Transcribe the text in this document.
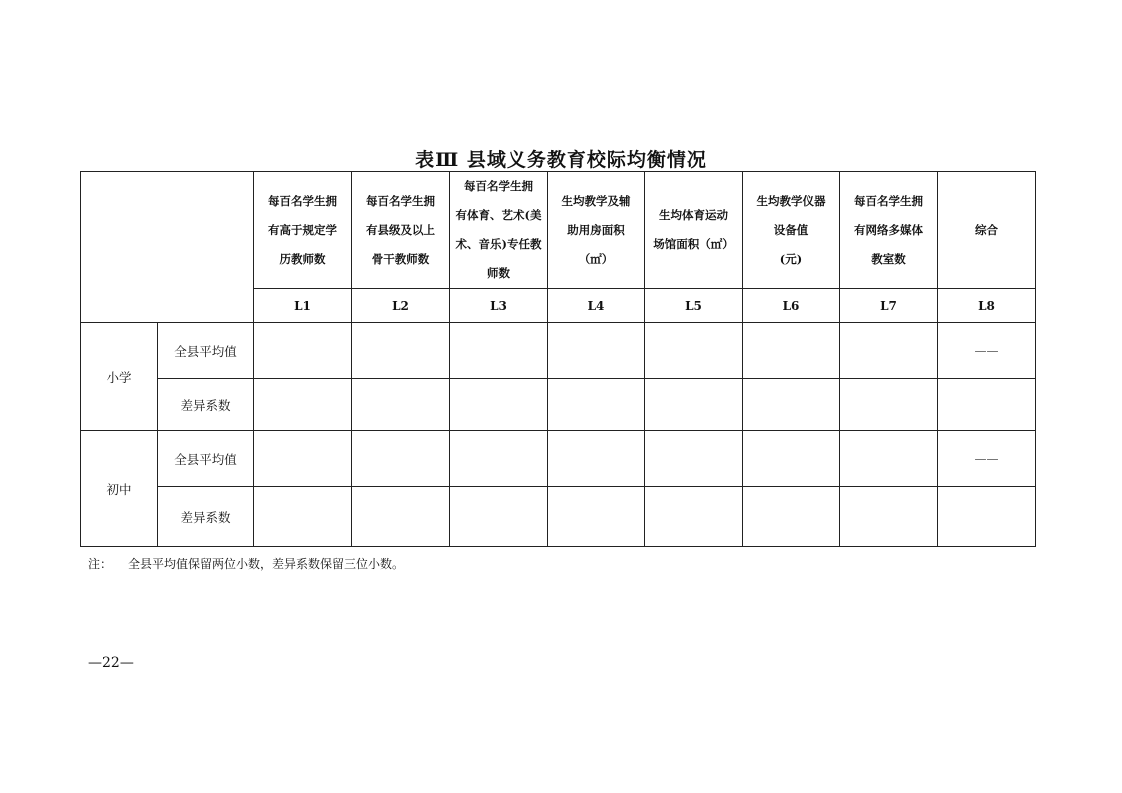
表Ⅲ 县域义务教育校际均衡情况

		每百名学生拥
有高于规定学
历教师数	每百名学生拥
有县级及以上
骨干教师数	每百名学生拥
有体育、艺术(美
术、音乐)专任教
师数	生均教学及辅
助用房面积
（㎡）	生均体育运动
场馆面积（㎡）	生均教学仪器
设备值
(元)	每百名学生拥
有网络多媒体
教室数	综合

		L1	L2	L3	L4	L5	L6	L7	L8
小学	全县平均值								——
	差异系数								
初中	全县平均值								——
	差异系数								
注： 全县平均值保留两位小数，差异系数保留三位小数。
—22—
